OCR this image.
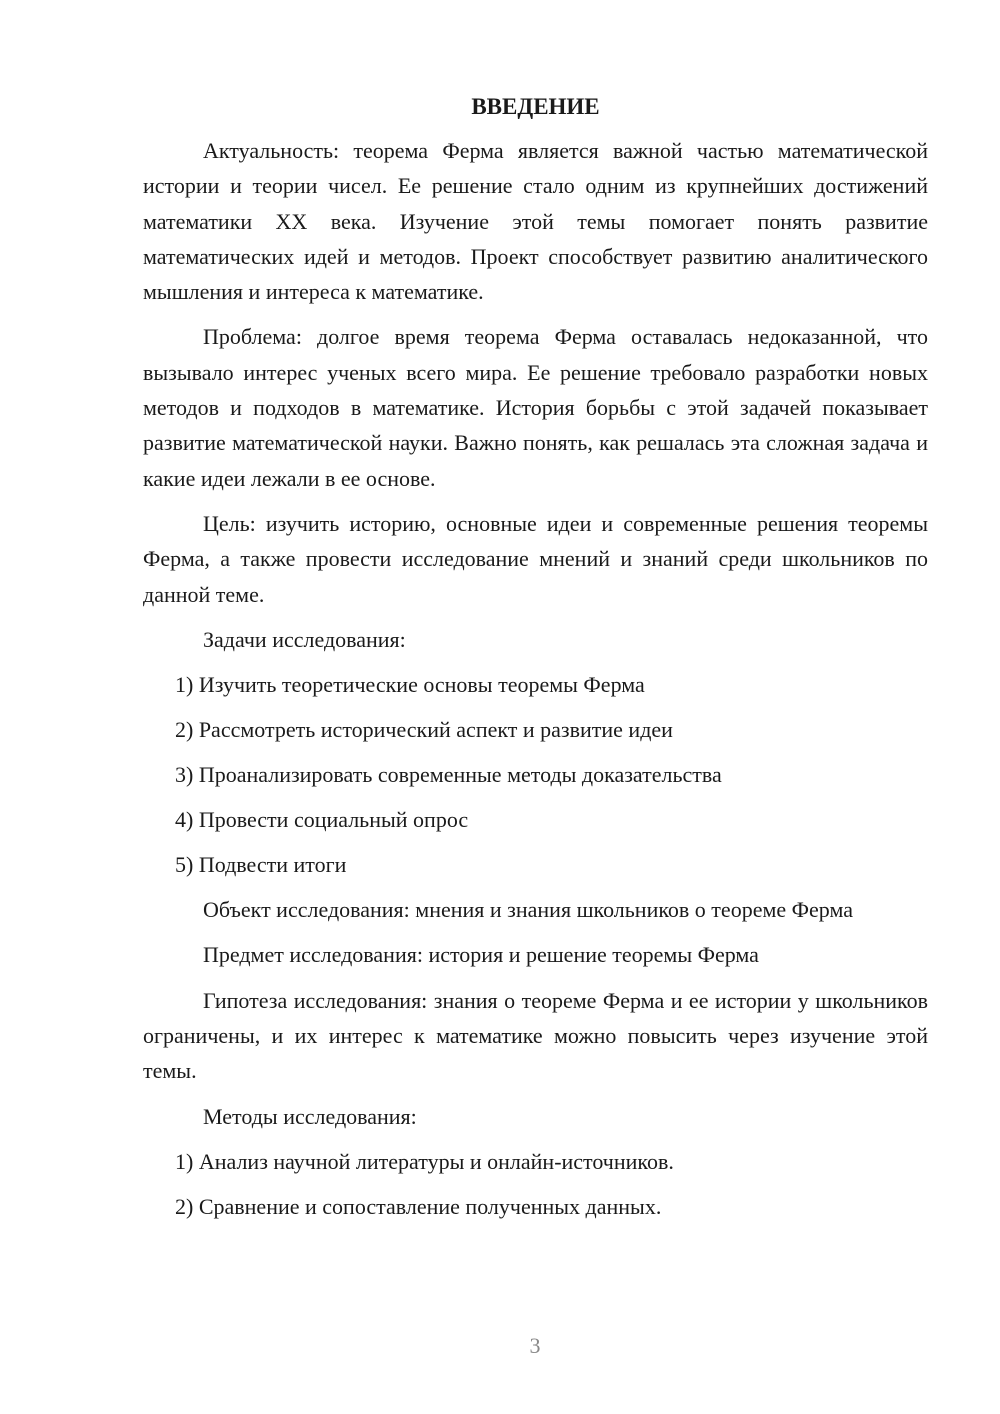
ВВЕДЕНИЕ

Актуальность: теорема Ферма является важной частью математической истории и теории чисел. Ее решение стало одним из крупнейших достижений математики XX века. Изучение этой темы помогает понять развитие математических идей и методов. Проект способствует развитию аналитического мышления и интереса к математике.

Проблема: долгое время теорема Ферма оставалась недоказанной, что вызывало интерес ученых всего мира. Ее решение требовало разработки новых методов и подходов в математике. История борьбы с этой задачей показывает развитие математической науки. Важно понять, как решалась эта сложная задача и какие идеи лежали в ее основе.

Цель: изучить историю, основные идеи и современные решения теоремы Ферма, а также провести исследование мнений и знаний среди школьников по данной теме.

Задачи исследования:

1) Изучить теоретические основы теоремы Ферма

2) Рассмотреть исторический аспект и развитие идеи

3) Проанализировать современные методы доказательства

4) Провести социальный опрос

5) Подвести итоги

Объект исследования: мнения и знания школьников о теореме Ферма

Предмет исследования: история и решение теоремы Ферма

Гипотеза исследования: знания о теореме Ферма и ее истории у школьников ограничены, и их интерес к математике можно повысить через изучение этой темы.

Методы исследования:

1) Анализ научной литературы и онлайн-источников.

2) Сравнение и сопоставление полученных данных.

3
